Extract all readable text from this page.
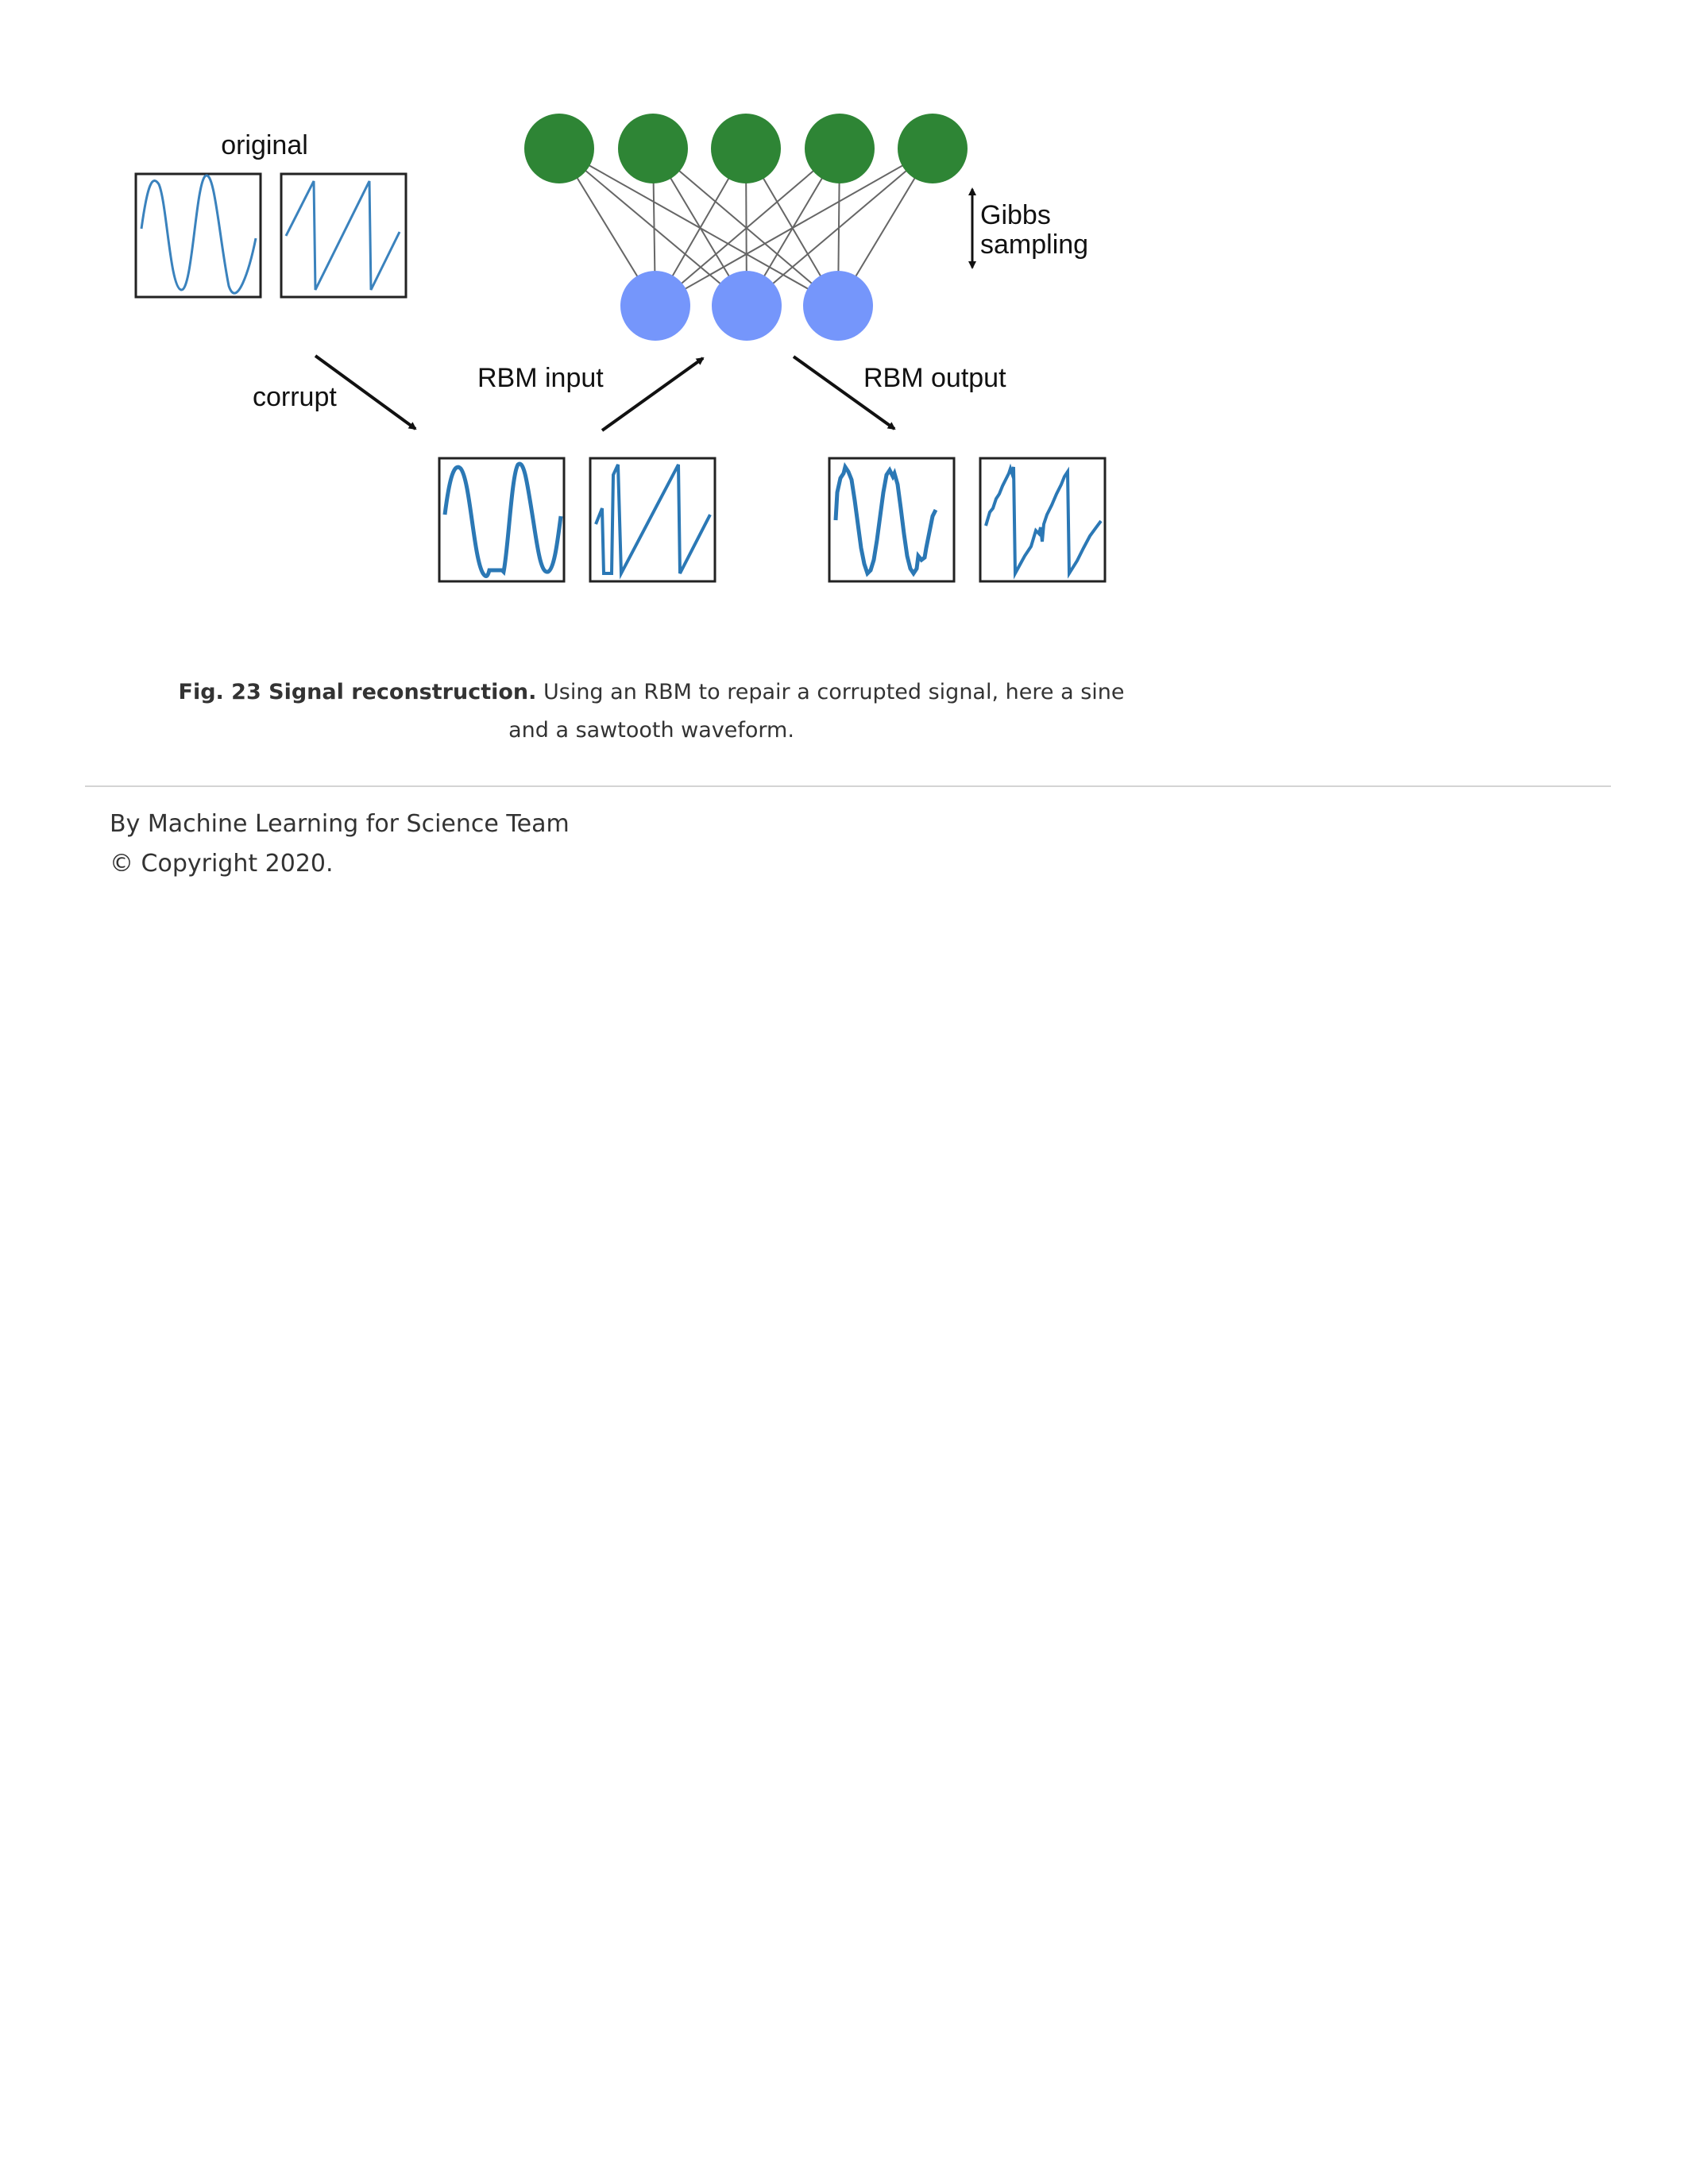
Gibbs
sampling
original
corrupt
RBM input	RBM output
Fig. 23 Signal reconstruction. Using an RBM to repair a corrupted signal, here a sine and a sawtooth waveform.
By Machine Learning for Science Team
© Copyright 2020.
